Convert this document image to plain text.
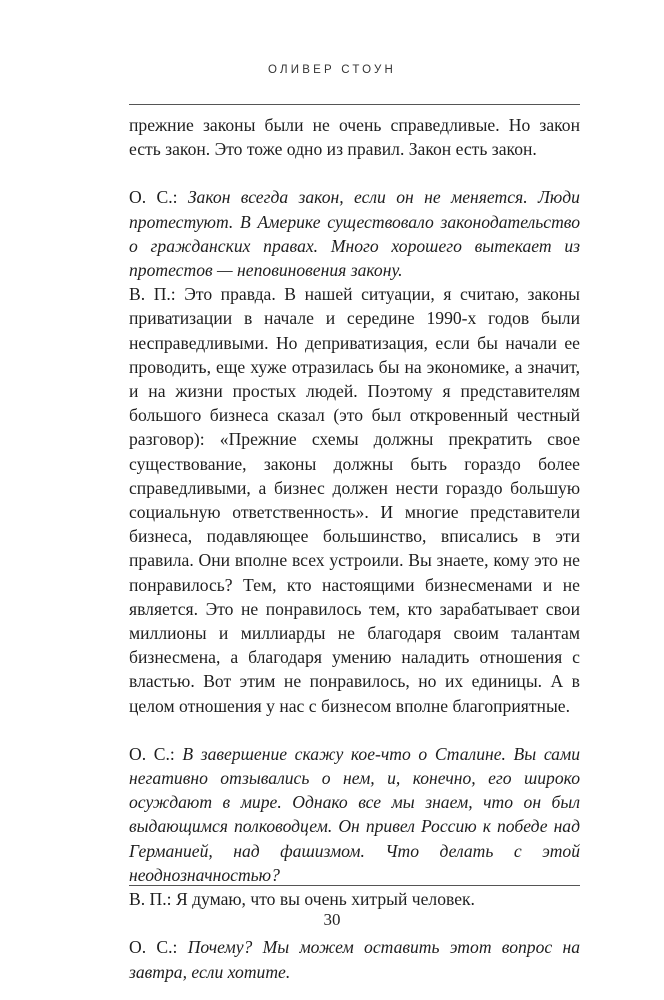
ОЛИВЕР СТОУН

прежние законы были не очень справедливые. Но закон есть закон. Это тоже одно из правил. Закон есть закон.

О. С.: Закон всегда закон, если он не меняется. Люди протестуют. В Америке существовало законодательство о гражданских правах. Много хорошего вытекает из протестов — неповиновения закону.

В. П.: Это правда. В нашей ситуации, я считаю, законы приватизации в начале и середине 1990-х годов были несправедливыми. Но деприватизация, если бы начали ее проводить, еще хуже отразилась бы на экономике, а значит, и на жизни простых людей. Поэтому я представителям большого бизнеса сказал (это был откровенный честный разговор): «Прежние схемы должны прекратить свое существование, законы должны быть гораздо более справедливыми, а бизнес должен нести гораздо большую социальную ответственность». И многие представители бизнеса, подавляющее большинство, вписались в эти правила. Они вполне всех устроили. Вы знаете, кому это не понравилось? Тем, кто настоящими бизнесменами и не является. Это не понравилось тем, кто зарабатывает свои миллионы и миллиарды не благодаря своим талантам бизнесмена, а благодаря умению наладить отношения с властью. Вот этим не понравилось, но их единицы. А в целом отношения у нас с бизнесом вполне благоприятные.

О. С.: В завершение скажу кое-что о Сталине. Вы сами негативно отзывались о нем, и, конечно, его широко осуждают в мире. Однако все мы знаем, что он был выдающимся полководцем. Он привел Россию к победе над Германией, над фашизмом. Что делать с этой неоднозначностью?

В. П.: Я думаю, что вы очень хитрый человек.

О. С.: Почему? Мы можем оставить этот вопрос на завтра, если хотите.

30
